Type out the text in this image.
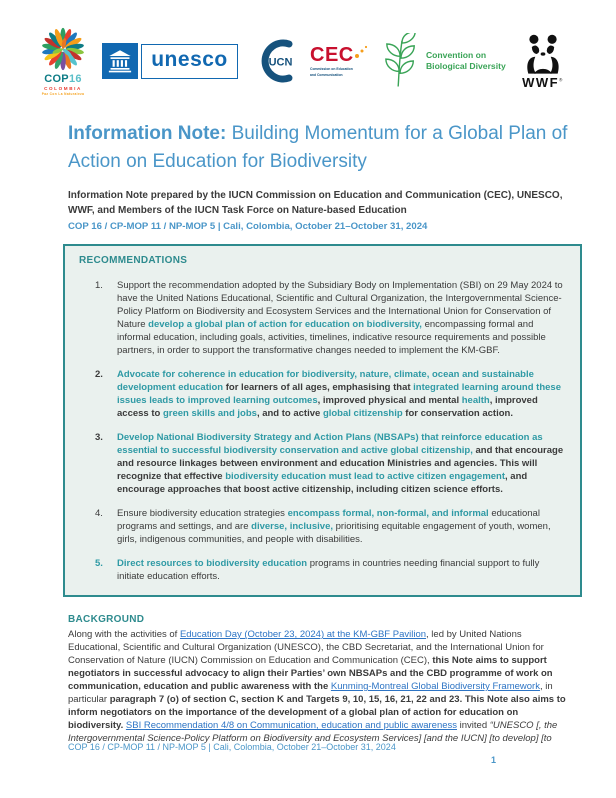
COP16
COLOMBIA
Paz Con La Naturaleza
unesco	IUCN CEC
Commission on Education
and Communication
Convention on
Biological Diversity
WWF®
Information Note: Building Momentum for a Global Plan of Action on Education for Biodiversity
Information Note prepared by the IUCN Commission on Education and Communication (CEC), UNESCO, WWF, and Members of the IUCN Task Force on Nature-based Education
COP 16 / CP-MOP 11 / NP-MOP 5 | Cali, Colombia, October 21–October 31, 2024
RECOMMENDATIONS
1.	Support the recommendation adopted by the Subsidiary Body on Implementation (SBI) on 29 May 2024 to have the United Nations Educational, Scientific and Cultural Organization, the Intergovernmental Science-Policy Platform on Biodiversity and Ecosystem Services and the International Union for Conservation of Nature develop a global plan of action for education on biodiversity, encompassing formal and informal education, including goals, activities, timelines, indicative resource requirements and possible partners, in order to support the transformative changes needed to implement the KM-GBF.
2.	Advocate for coherence in education for biodiversity, nature, climate, ocean and sustainable development education for learners of all ages, emphasising that integrated learning around these issues leads to improved learning outcomes, improved physical and mental health, improved access to green skills and jobs, and to active global citizenship for conservation action.
3.	Develop National Biodiversity Strategy and Action Plans (NBSAPs) that reinforce education as essential to successful biodiversity conservation and active global citizenship, and that encourage and resource linkages between environment and education Ministries and agencies. This will recognize that effective biodiversity education must lead to active citizen engagement, and encourage approaches that boost active citizenship, including citizen science efforts.
4.	Ensure biodiversity education strategies encompass formal, non-formal, and informal educational programs and settings, and are diverse, inclusive, prioritising equitable engagement of youth, women, girls, indigenous communities, and people with disabilities.
5.	Direct resources to biodiversity education programs in countries needing financial support to fully initiate education efforts.
BACKGROUND
Along with the activities of Education Day (October 23, 2024) at the KM-GBF Pavilion, led by United Nations Educational, Scientific and Cultural Organization (UNESCO), the CBD Secretariat, and the International Union for Conservation of Nature (IUCN) Commission on Education and Communication (CEC), this Note aims to support negotiators in successful advocacy to align their Parties’ own NBSAPs and the CBD programme of work on communication, education and public awareness with the Kunming-Montreal Global Biodiversity Framework, in particular paragraph 7 (o) of section C, section K and Targets 9, 10, 15, 16, 21, 22 and 23. This Note also aims to inform negotiators on the importance of the development of a global plan of action for education on biodiversity. SBI Recommendation 4/8 on Communication, education and public awareness invited “UNESCO [, the Intergovernmental Science-Policy Platform on Biodiversity and Ecosystem Services] [and the IUCN] [to develop] [to
COP 16 / CP-MOP 11 / NP-MOP 5 | Cali, Colombia, October 21–October 31, 2024
1
